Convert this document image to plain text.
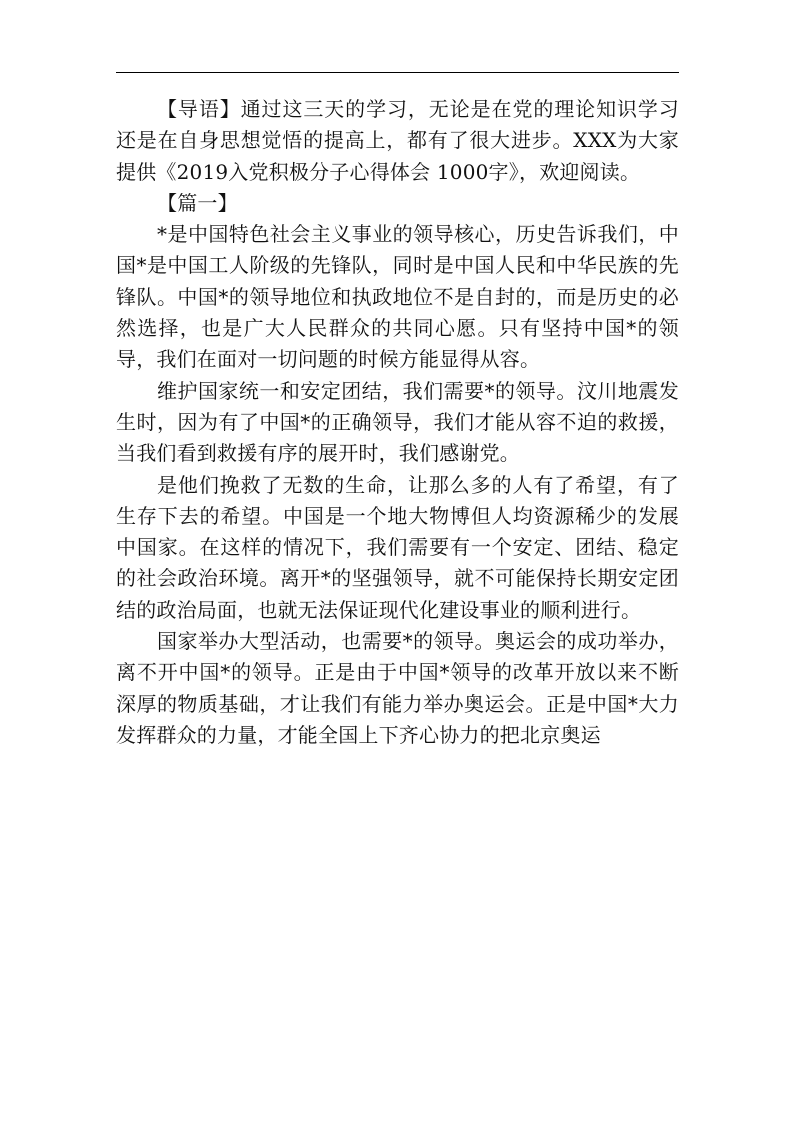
【导语】通过这三天的学习，无论是在党的理论知识学习还是在自身思想觉悟的提高上，都有了很大进步。XXX为大家提供《2019入党积极分子心得体会 1000字》，欢迎阅读。

【篇一】

*是中国特色社会主义事业的领导核心，历史告诉我们，中国*是中国工人阶级的先锋队，同时是中国人民和中华民族的先锋队。中国*的领导地位和执政地位不是自封的，而是历史的必然选择，也是广大人民群众的共同心愿。只有坚持中国*的领导，我们在面对一切问题的时候方能显得从容。

维护国家统一和安定团结，我们需要*的领导。汶川地震发生时，因为有了中国*的正确领导，我们才能从容不迫的救援，当我们看到救援有序的展开时，我们感谢党。

是他们挽救了无数的生命，让那么多的人有了希望，有了生存下去的希望。中国是一个地大物博但人均资源稀少的发展中国家。在这样的情况下，我们需要有一个安定、团结、稳定的社会政治环境。离开*的坚强领导，就不可能保持长期安定团结的政治局面，也就无法保证现代化建设事业的顺利进行。

国家举办大型活动，也需要*的领导。奥运会的成功举办，离不开中国*的领导。正是由于中国*领导的改革开放以来不断深厚的物质基础，才让我们有能力举办奥运会。正是中国*大力发挥群众的力量，才能全国上下齐心协力的把北京奥运
